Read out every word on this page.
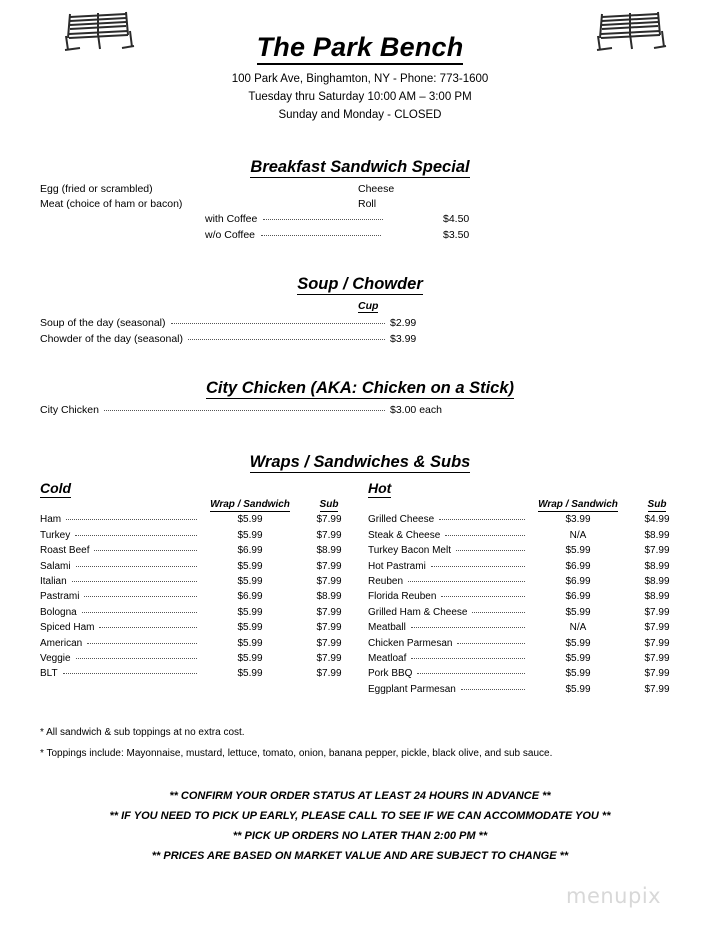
The Park Bench
100 Park Ave, Binghamton, NY - Phone: 773-1600
Tuesday thru Saturday 10:00 AM – 3:00 PM
Sunday and Monday - CLOSED
Breakfast Sandwich Special
Egg (fried or scrambled)
Meat (choice of ham or bacon)
Cheese
Roll
with Coffee	$4.50
w/o Coffee	$3.50
Soup / Chowder
Cup
Soup of the day (seasonal)	$2.99
Chowder of the day (seasonal)	$3.99
City Chicken (AKA: Chicken on a Stick)
City Chicken	$3.00 each
Wraps / Sandwiches & Subs
Cold	Hot
Wrap / Sandwich	Sub
Ham	$5.99	$7.99
Turkey	$5.99	$7.99
Roast Beef	$6.99	$8.99
Salami	$5.99	$7.99
Italian	$5.99	$7.99
Pastrami	$6.99	$8.99
Bologna	$5.99	$7.99
Spiced Ham	$5.99	$7.99
American	$5.99	$7.99
Veggie	$5.99	$7.99
BLT	$5.99	$7.99
Wrap / Sandwich	Sub
Grilled Cheese	$3.99	$4.99
Steak & Cheese	N/A	$8.99
Turkey Bacon Melt	$5.99	$7.99
Hot Pastrami	$6.99	$8.99
Reuben	$6.99	$8.99
Florida Reuben	$6.99	$8.99
Grilled Ham & Cheese	$5.99	$7.99
Meatball	N/A	$7.99
Chicken Parmesan	$5.99	$7.99
Meatloaf	$5.99	$7.99
Pork BBQ	$5.99	$7.99
Eggplant Parmesan	$5.99	$7.99
* All sandwich & sub toppings at no extra cost.
* Toppings include: Mayonnaise, mustard, lettuce, tomato, onion, banana pepper, pickle, black olive, and sub sauce.
** CONFIRM YOUR ORDER STATUS AT LEAST 24 HOURS IN ADVANCE **
** IF YOU NEED TO PICK UP EARLY, PLEASE CALL TO SEE IF WE CAN ACCOMMODATE YOU **
** PICK UP ORDERS NO LATER THAN 2:00 PM **
** PRICES ARE BASED ON MARKET VALUE AND ARE SUBJECT TO CHANGE **
menupix
